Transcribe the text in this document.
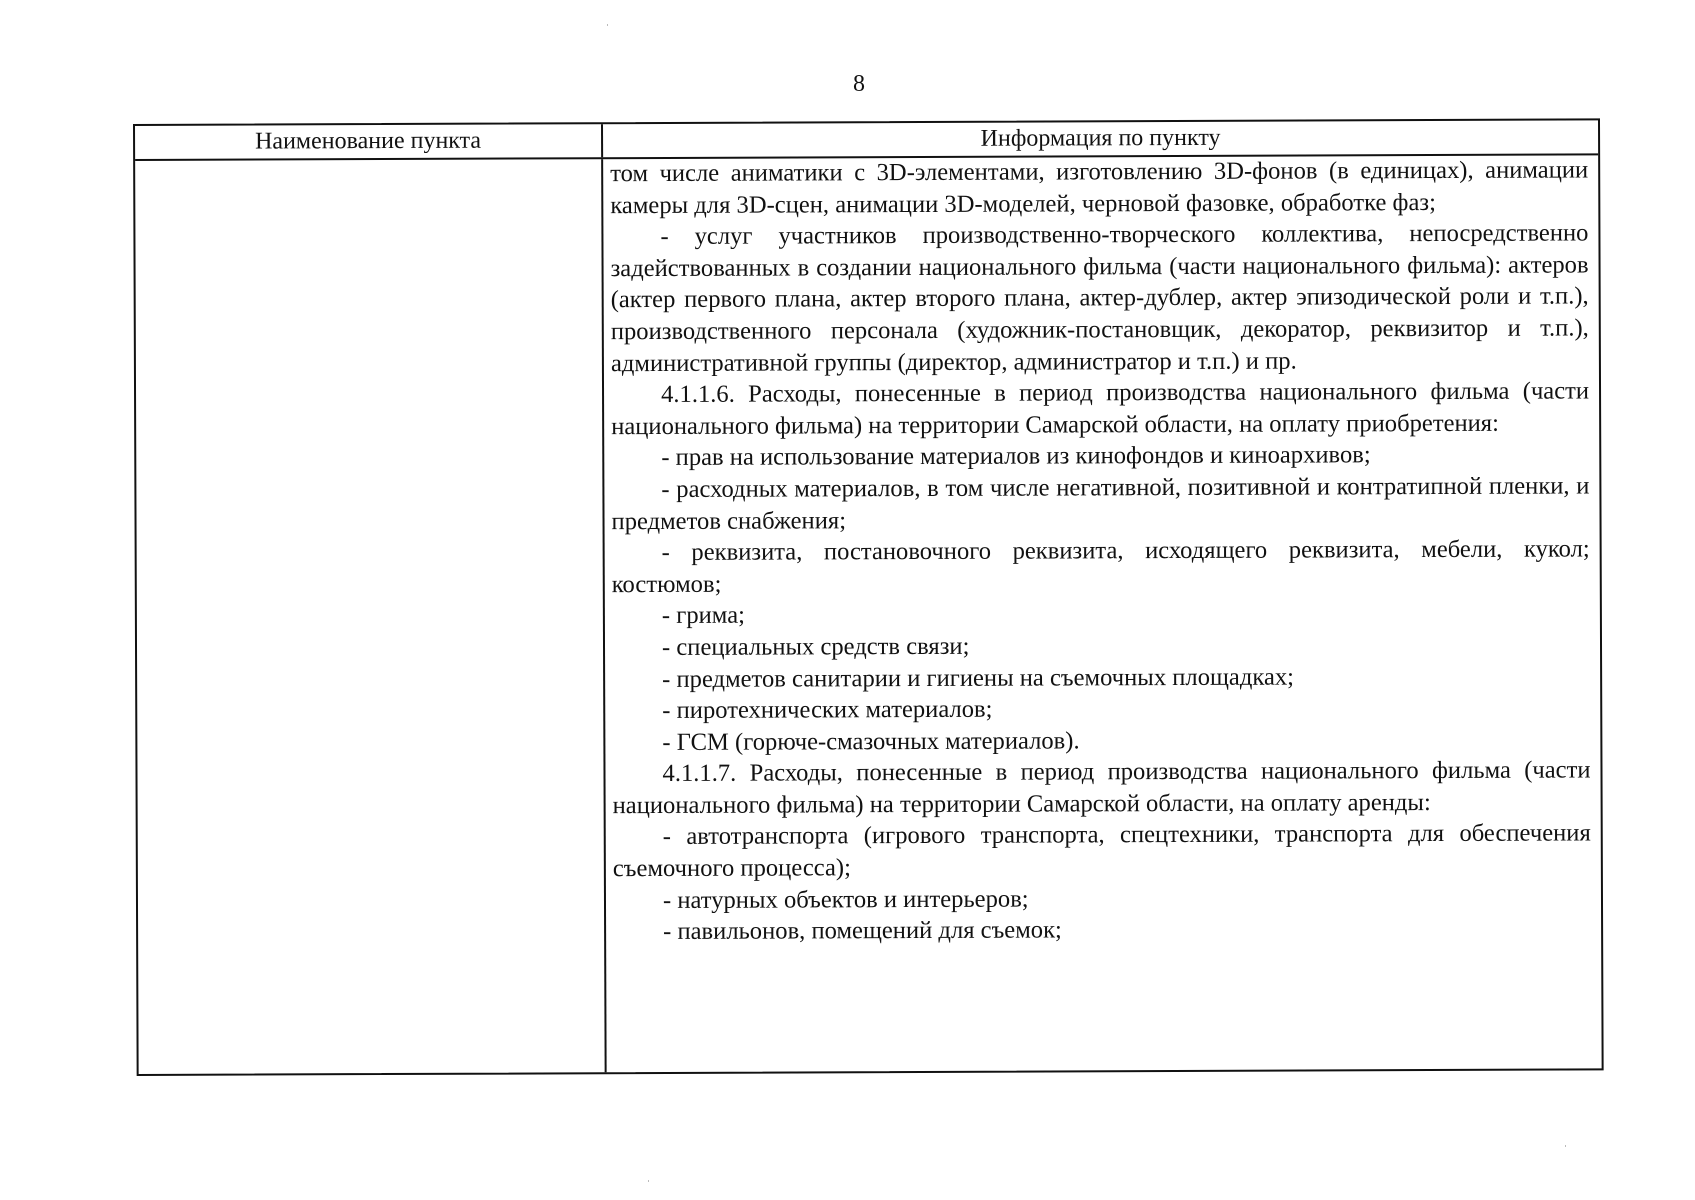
8
Наименование пункта	Информация по пункту

том числе аниматики с 3D-элементами, изготовлению 3D-фонов (в единицах), анимации камеры для 3D-сцен, анимации 3D-моделей, черновой фазовке, обработке фаз;

- услуг участников производственно-творческого коллектива, непосредственно задействованных в создании национального фильма (части национального фильма): актеров (актер первого плана, актер второго плана, актер-дублер, актер эпизодической роли и т.п.), производственного персонала (художник-постановщик, декоратор, реквизитор и т.п.), административной группы (директор, администратор и т.п.) и пр.

4.1.1.6. Расходы, понесенные в период производства национального фильма (части национального фильма) на территории Самарской области, на оплату приобретения:

- прав на использование материалов из кинофондов и киноархивов;

- расходных материалов, в том числе негативной, позитивной и контратипной пленки, и предметов снабжения;

- реквизита, постановочного реквизита, исходящего реквизита, мебели, кукол; костюмов;

- грима;

- специальных средств связи;

- предметов санитарии и гигиены на съемочных площадках;

- пиротехнических материалов;

- ГСМ (горюче-смазочных материалов).

4.1.1.7. Расходы, понесенные в период производства национального фильма (части национального фильма) на территории Самарской области, на оплату аренды:

- автотранспорта (игрового транспорта, спецтехники, транспорта для обеспечения съемочного процесса);

- натурных объектов и интерьеров;

- павильонов, помещений для съемок;
